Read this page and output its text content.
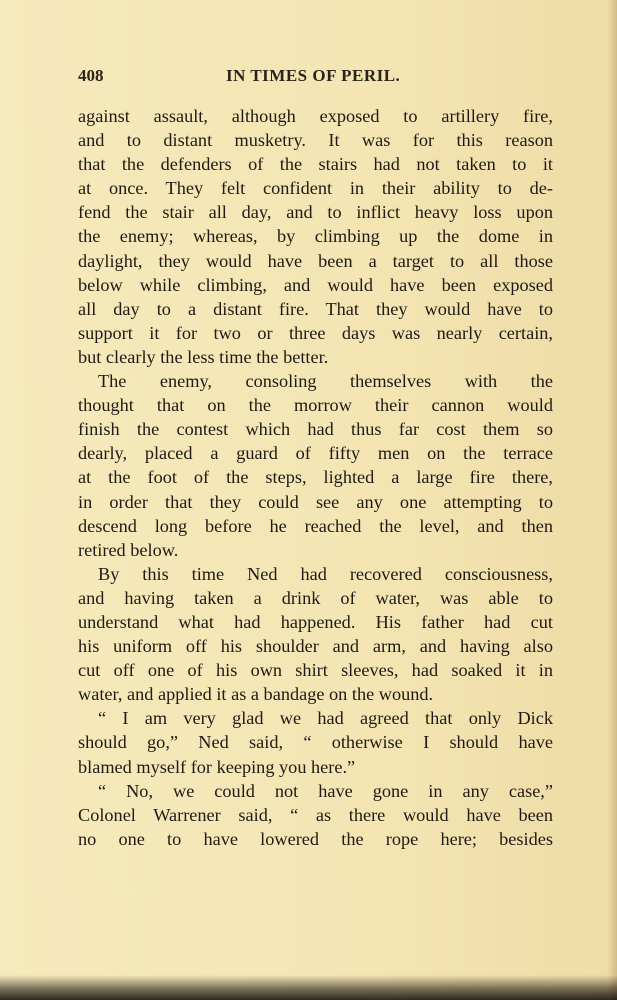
408	IN TIMES OF PERIL.
against assault, although exposed to artillery fire,
and to distant musketry. It was for this reason
that the defenders of the stairs had not taken to it
at once. They felt confident in their ability to de-
fend the stair all day, and to inflict heavy loss upon
the enemy; whereas, by climbing up the dome in
daylight, they would have been a target to all those
below while climbing, and would have been exposed
all day to a distant fire. That they would have to
support it for two or three days was nearly certain,
but clearly the less time the better.
The enemy, consoling themselves with the
thought that on the morrow their cannon would
finish the contest which had thus far cost them so
dearly, placed a guard of fifty men on the terrace
at the foot of the steps, lighted a large fire there,
in order that they could see any one attempting to
descend long before he reached the level, and then
retired below.
By this time Ned had recovered consciousness,
and having taken a drink of water, was able to
understand what had happened. His father had cut
his uniform off his shoulder and arm, and having also
cut off one of his own shirt sleeves, had soaked it in
water, and applied it as a bandage on the wound.
“ I am very glad we had agreed that only Dick
should go,” Ned said, “ otherwise I should have
blamed myself for keeping you here.”
“ No, we could not have gone in any case,”
Colonel Warrener said, “ as there would have been
no one to have lowered the rope here; besides
